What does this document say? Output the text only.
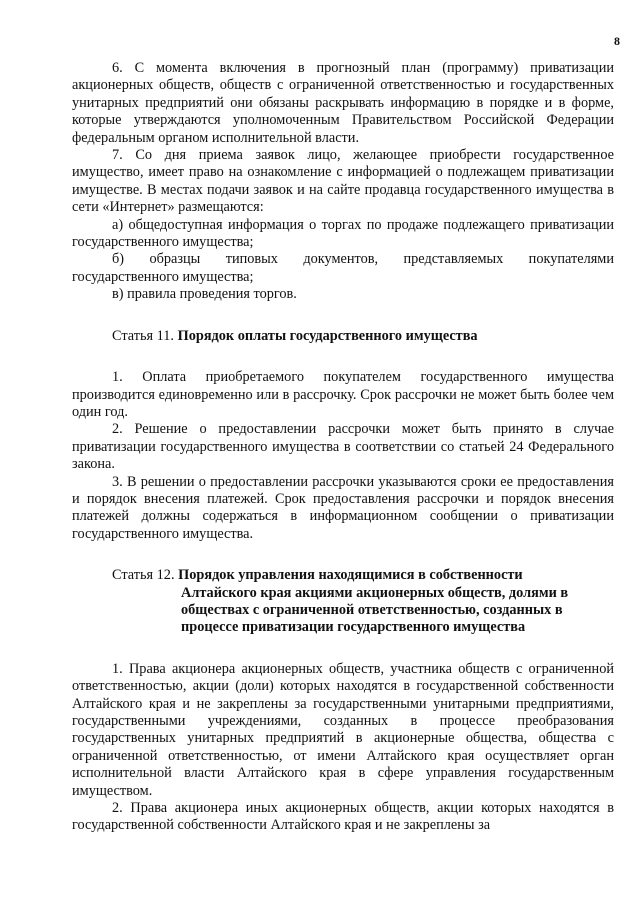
8

6. С момента включения в прогнозный план (программу) приватизации акционерных обществ, обществ с ограниченной ответственностью и государственных унитарных предприятий они обязаны раскрывать информацию в порядке и в форме, которые утверждаются уполномоченным Правительством Российской Федерации федеральным органом исполнительной власти.

7. Со дня приема заявок лицо, желающее приобрести государственное имущество, имеет право на ознакомление с информацией о подлежащем приватизации имуществе. В местах подачи заявок и на сайте продавца государственного имущества в сети «Интернет» размещаются:

а) общедоступная информация о торгах по продаже подлежащего приватизации государственного имущества;

б) образцы типовых документов, представляемых покупателями государственного имущества;

в) правила проведения торгов.

Статья 11. Порядок оплаты государственного имущества

1. Оплата приобретаемого покупателем государственного имущества производится единовременно или в рассрочку. Срок рассрочки не может быть более чем один год.

2. Решение о предоставлении рассрочки может быть принято в случае приватизации государственного имущества в соответствии со статьей 24 Федерального закона.

3. В решении о предоставлении рассрочки указываются сроки ее предоставления и порядок внесения платежей. Срок предоставления рассрочки и порядок внесения платежей должны содержаться в информационном сообщении о приватизации государственного имущества.

Статья 12. Порядок управления находящимися в собственности
Алтайского края акциями акционерных обществ, долями в
обществах с ограниченной ответственностью, созданных в
процессе приватизации государственного имущества

1. Права акционера акционерных обществ, участника обществ с ограниченной ответственностью, акции (доли) которых находятся в государственной собственности Алтайского края и не закреплены за государственными унитарными предприятиями, государственными учреждениями, созданных в процессе преобразования государственных унитарных предприятий в акционерные общества, общества с ограниченной ответственностью, от имени Алтайского края осуществляет орган исполнительной власти Алтайского края в сфере управления государственным имуществом.

2. Права акционера иных акционерных обществ, акции которых находятся в государственной собственности Алтайского края и не закреплены за
